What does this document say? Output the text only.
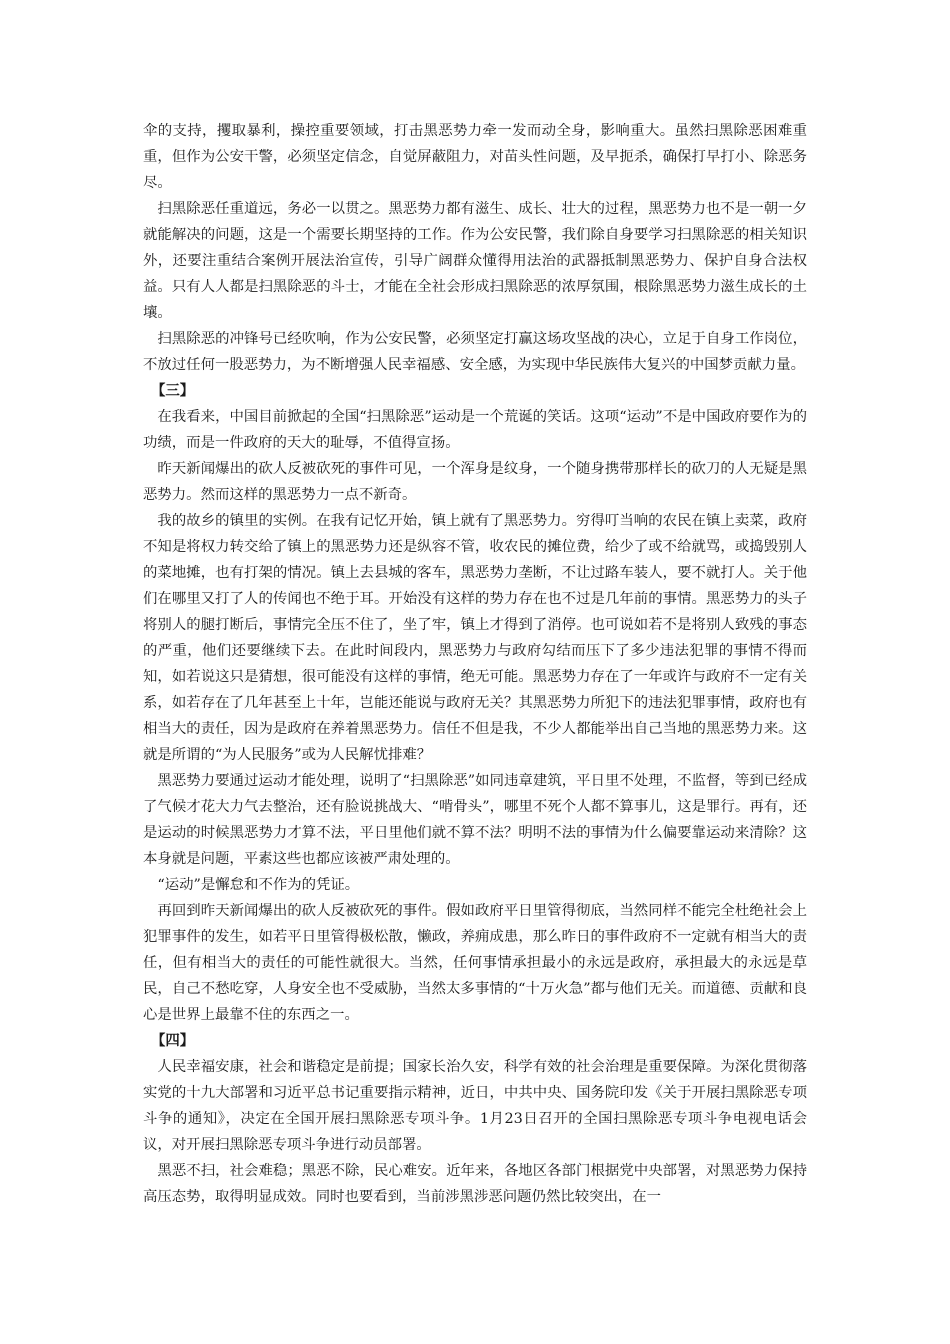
伞的支持，攫取暴利，操控重要领域，打击黑恶势力牵一发而动全身，影响重大。虽然扫黑除恶困难重重，但作为公安干警，必须坚定信念，自觉屏蔽阻力，对苗头性问题，及早扼杀，确保打早打小、除恶务尽。

扫黑除恶任重道远，务必一以贯之。黑恶势力都有滋生、成长、壮大的过程，黑恶势力也不是一朝一夕就能解决的问题，这是一个需要长期坚持的工作。作为公安民警，我们除自身要学习扫黑除恶的相关知识外，还要注重结合案例开展法治宣传，引导广阔群众懂得用法治的武器抵制黑恶势力、保护自身合法权益。只有人人都是扫黑除恶的斗士，才能在全社会形成扫黑除恶的浓厚氛围，根除黑恶势力滋生成长的土壤。

扫黑除恶的冲锋号已经吹响，作为公安民警，必须坚定打赢这场攻坚战的决心，立足于自身工作岗位，不放过任何一股恶势力，为不断增强人民幸福感、安全感，为实现中华民族伟大复兴的中国梦贡献力量。

【三】

在我看来，中国目前掀起的全国“扫黑除恶”运动是一个荒诞的笑话。这项“运动”不是中国政府要作为的功绩，而是一件政府的天大的耻辱，不值得宣扬。

昨天新闻爆出的砍人反被砍死的事件可见，一个浑身是纹身，一个随身携带那样长的砍刀的人无疑是黑恶势力。然而这样的黑恶势力一点不新奇。

我的故乡的镇里的实例。在我有记忆开始，镇上就有了黑恶势力。穷得叮当响的农民在镇上卖菜，政府不知是将权力转交给了镇上的黑恶势力还是纵容不管，收农民的摊位费，给少了或不给就骂，或捣毁别人的菜地摊，也有打架的情况。镇上去县城的客车，黑恶势力垄断，不让过路车装人，要不就打人。关于他们在哪里又打了人的传闻也不绝于耳。开始没有这样的势力存在也不过是几年前的事情。黑恶势力的头子将别人的腿打断后，事情完全压不住了，坐了牢，镇上才得到了消停。也可说如若不是将别人致残的事态的严重，他们还要继续下去。在此时间段内，黑恶势力与政府勾结而压下了多少违法犯罪的事情不得而知，如若说这只是猜想，很可能没有这样的事情，绝无可能。黑恶势力存在了一年或许与政府不一定有关系，如若存在了几年甚至上十年，岂能还能说与政府无关？其黑恶势力所犯下的违法犯罪事情，政府也有相当大的责任，因为是政府在养着黑恶势力。信任不但是我，不少人都能举出自己当地的黑恶势力来。这就是所谓的“为人民服务”或为人民解忧排难？

黑恶势力要通过运动才能处理，说明了“扫黑除恶”如同违章建筑，平日里不处理，不监督，等到已经成了气候才花大力气去整治，还有脸说挑战大、“啃骨头”，哪里不死个人都不算事儿，这是罪行。再有，还是运动的时候黑恶势力才算不法，平日里他们就不算不法？明明不法的事情为什么偏要靠运动来清除？这本身就是问题，平素这些也都应该被严肃处理的。

“运动”是懈怠和不作为的凭证。

再回到昨天新闻爆出的砍人反被砍死的事件。假如政府平日里管得彻底，当然同样不能完全杜绝社会上犯罪事件的发生，如若平日里管得极松散，懒政，养痈成患，那么昨日的事件政府不一定就有相当大的责任，但有相当大的责任的可能性就很大。当然，任何事情承担最小的永远是政府，承担最大的永远是草民，自己不愁吃穿，人身安全也不受威胁，当然太多事情的“十万火急”都与他们无关。而道德、贡献和良心是世界上最靠不住的东西之一。

【四】

人民幸福安康，社会和谐稳定是前提；国家长治久安，科学有效的社会治理是重要保障。为深化贯彻落实党的十九大部署和习近平总书记重要指示精神，近日，中共中央、国务院印发《关于开展扫黑除恶专项斗争的通知》，决定在全国开展扫黑除恶专项斗争。1月23日召开的全国扫黑除恶专项斗争电视电话会议，对开展扫黑除恶专项斗争进行动员部署。

黑恶不扫，社会难稳；黑恶不除，民心难安。近年来，各地区各部门根据党中央部署，对黑恶势力保持高压态势，取得明显成效。同时也要看到，当前涉黑涉恶问题仍然比较突出，在一
